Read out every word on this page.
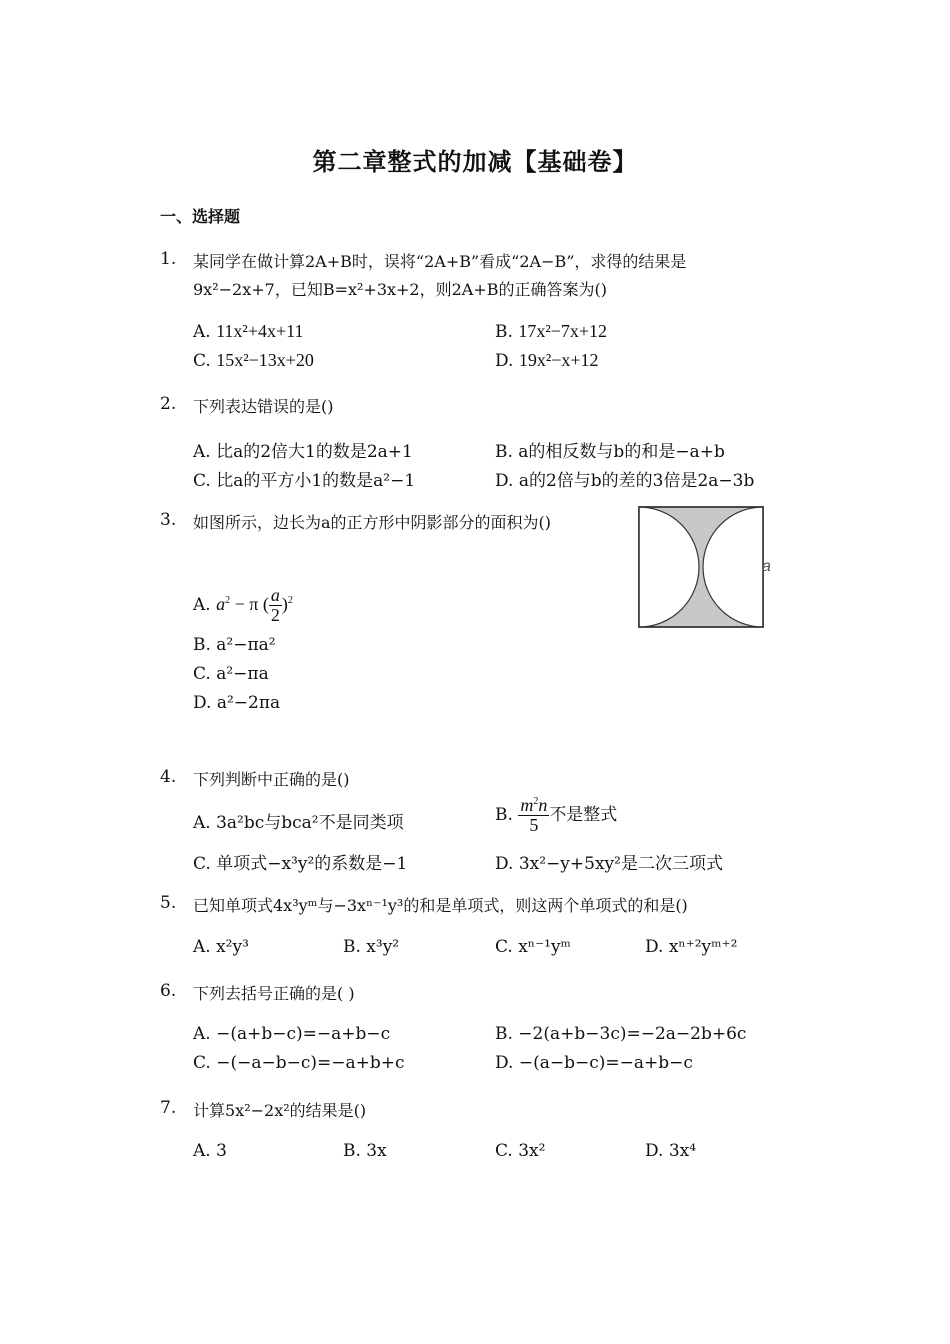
第二章整式的加减【基础卷】
一、选择题
1. 某同学在做计算2A+B时，误将“2A+B”看成“2A−B”，求得的结果是
9x²−2x+7，已知B=x²+3x+2，则2A+B的正确答案为()
A. 11x²+4x+11	B. 17x²−7x+12
C. 15x²−13x+20	D. 19x²−x+12
2. 下列表达错误的是()
A. 比a的2倍大1的数是2a+1	B. a的相反数与b的和是−a+b
C. 比a的平方小1的数是a²−1	D. a的2倍与b的差的3倍是2a−3b
3. 如图所示，边长为a的正方形中阴影部分的面积为()
a
A. $a^2 - \pi$ ( $\frac{a}{2} )^2$
B. a²−πa²
C. a²−πa
D. a²−2πa
4. 下列判断中正确的是()
A. 3a²bc与bca²不是同类项	B. $\frac{m^2n}{5}$ 不是整式
C. 单项式−x³y²的系数是−1	D. 3x²−y+5xy²是二次三项式
5. 已知单项式4x³yᵐ与−3xⁿ⁻¹y³的和是单项式，则这两个单项式的和是()
A. x²y³	B. x³y²	C. xⁿ⁻¹yᵐ	D. xⁿ⁺²yᵐ⁺²
6. 下列去括号正确的是( )
A. −(a+b−c)=−a+b−c	B. −2(a+b−3c)=−2a−2b+6c
C. −(−a−b−c)=−a+b+c	D. −(a−b−c)=−a+b−c
7. 计算5x²−2x²的结果是()
A. 3	B. 3x	C. 3x²	D. 3x⁴
